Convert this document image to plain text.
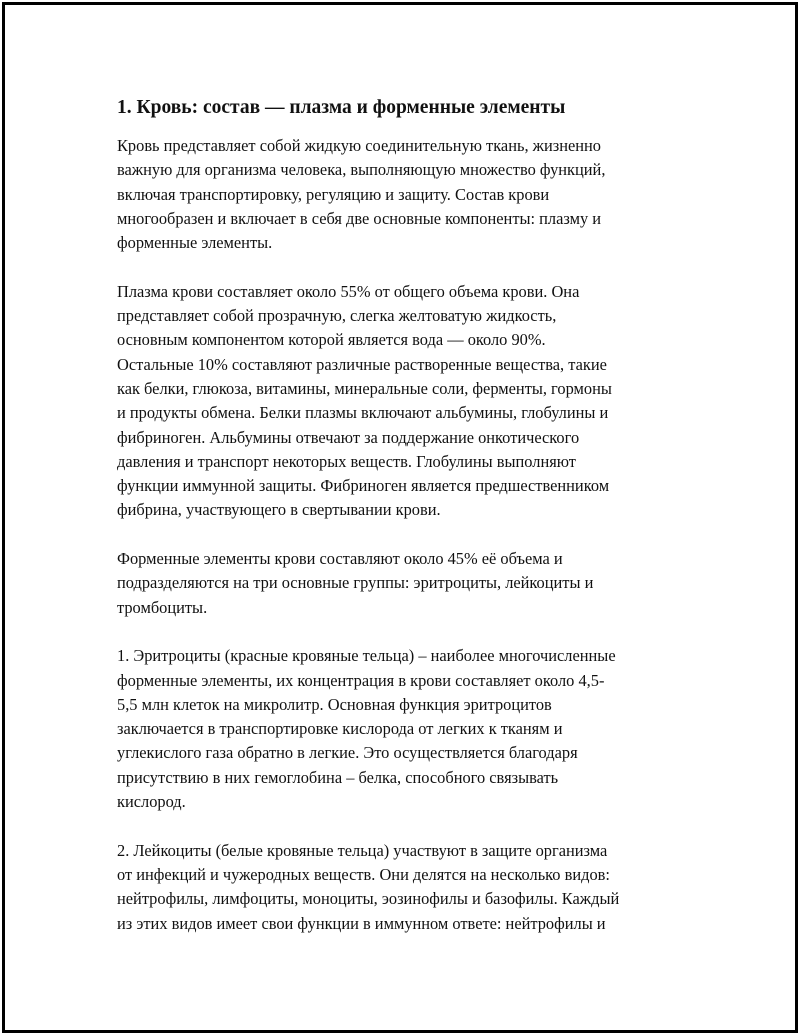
1. Кровь: состав — плазма и форменные элементы

Кровь представляет собой жидкую соединительную ткань, жизненно
важную для организма человека, выполняющую множество функций,
включая транспортировку, регуляцию и защиту. Состав крови
многообразен и включает в себя две основные компоненты: плазму и
форменные элементы.

Плазма крови составляет около 55% от общего объема крови. Она
представляет собой прозрачную, слегка желтоватую жидкость,
основным компонентом которой является вода — около 90%.
Остальные 10% составляют различные растворенные вещества, такие
как белки, глюкоза, витамины, минеральные соли, ферменты, гормоны
и продукты обмена. Белки плазмы включают альбумины, глобулины и
фибриноген. Альбумины отвечают за поддержание онкотического
давления и транспорт некоторых веществ. Глобулины выполняют
функции иммунной защиты. Фибриноген является предшественником
фибрина, участвующего в свертывании крови.

Форменные элементы крови составляют около 45% её объема и
подразделяются на три основные группы: эритроциты, лейкоциты и
тромбоциты.

1. Эритроциты (красные кровяные тельца) – наиболее многочисленные
форменные элементы, их концентрация в крови составляет около 4,5-
5,5 млн клеток на микролитр. Основная функция эритроцитов
заключается в транспортировке кислорода от легких к тканям и
углекислого газа обратно в легкие. Это осуществляется благодаря
присутствию в них гемоглобина – белка, способного связывать
кислород.

2. Лейкоциты (белые кровяные тельца) участвуют в защите организма
от инфекций и чужеродных веществ. Они делятся на несколько видов:
нейтрофилы, лимфоциты, моноциты, эозинофилы и базофилы. Каждый
из этих видов имеет свои функции в иммунном ответе: нейтрофилы и
